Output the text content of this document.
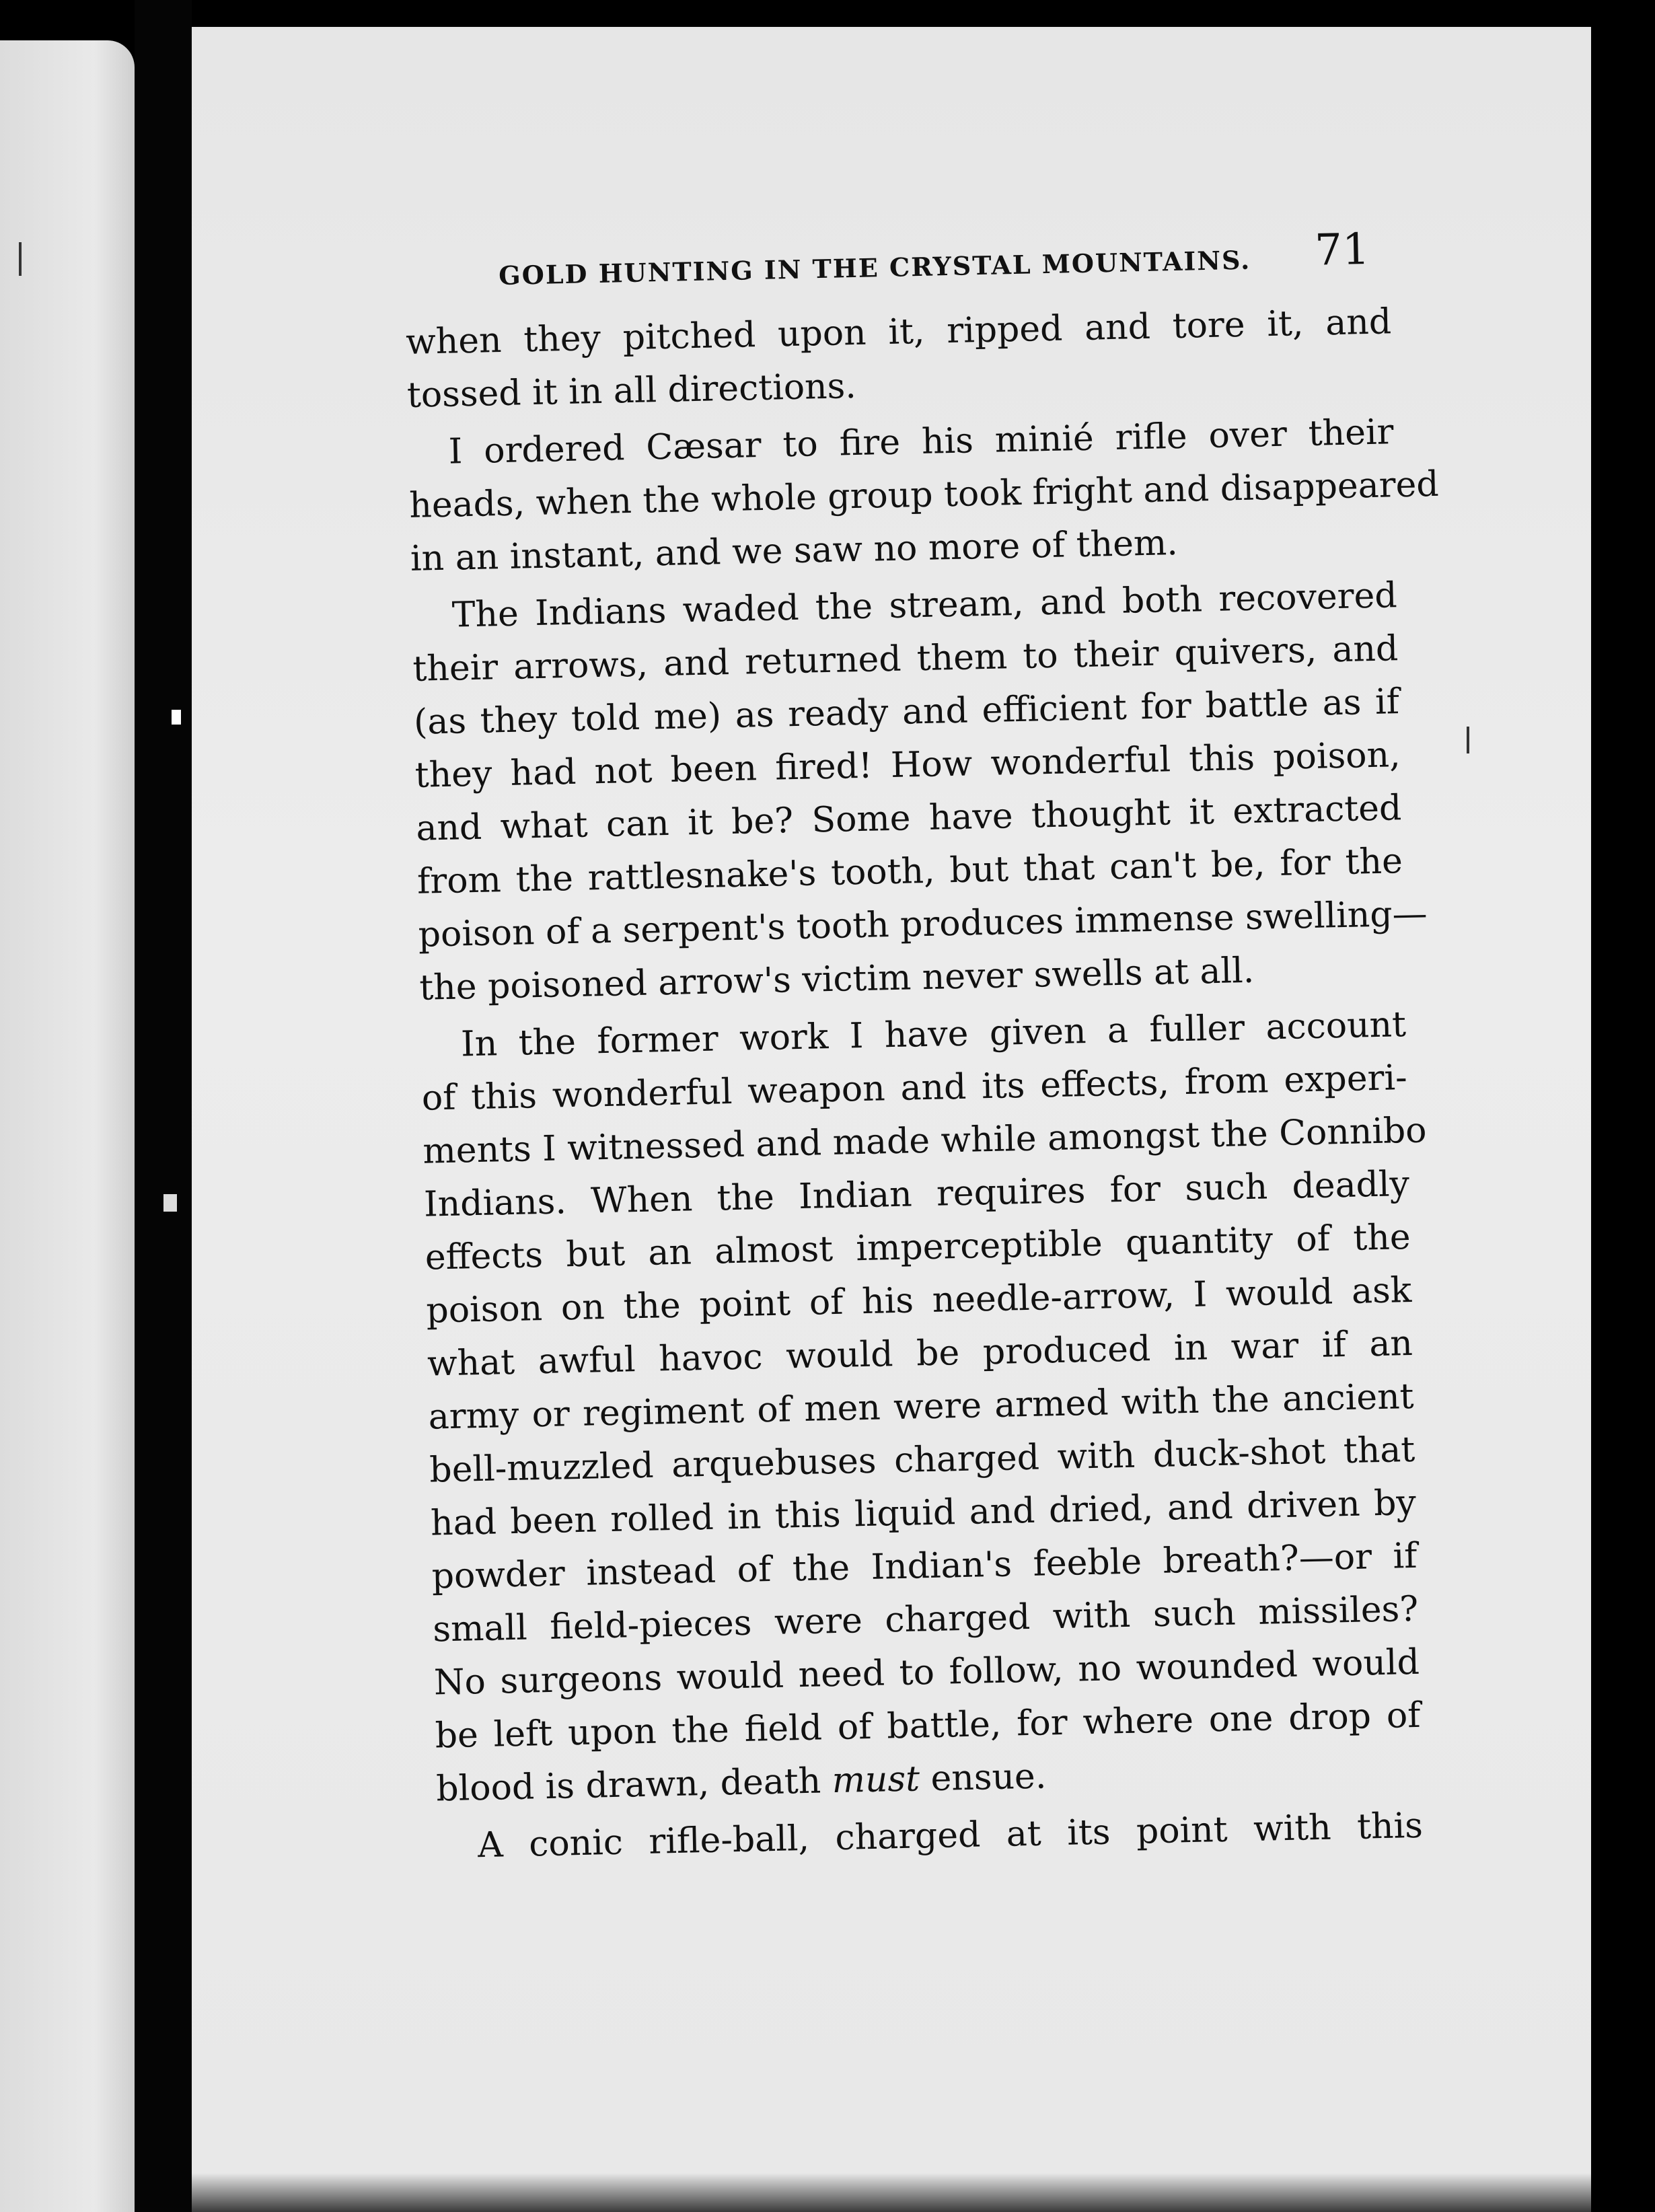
GOLD HUNTING IN THE CRYSTAL MOUNTAINS. 71
when they pitched upon it, ripped and tore it, and
tossed it in all directions.
I ordered Cæsar to fire his minié rifle over their
heads, when the whole group took fright and disappeared
in an instant, and we saw no more of them.
The Indians waded the stream, and both recovered
their arrows, and returned them to their quivers, and
(as they told me) as ready and efficient for battle as if
they had not been fired! How wonderful this poison,
and what can it be? Some have thought it extracted
from the rattlesnake's tooth, but that can't be, for the
poison of a serpent's tooth produces immense swelling—
the poisoned arrow's victim never swells at all.
In the former work I have given a fuller account
of this wonderful weapon and its effects, from experi-
ments I witnessed and made while amongst the Connibo
Indians. When the Indian requires for such deadly
effects but an almost imperceptible quantity of the
poison on the point of his needle-arrow, I would ask
what awful havoc would be produced in war if an
army or regiment of men were armed with the ancient
bell-muzzled arquebuses charged with duck-shot that
had been rolled in this liquid and dried, and driven by
powder instead of the Indian's feeble breath?—or if
small field-pieces were charged with such missiles?
No surgeons would need to follow, no wounded would
be left upon the field of battle, for where one drop of
blood is drawn, death must ensue.
A conic rifle-ball, charged at its point with this
